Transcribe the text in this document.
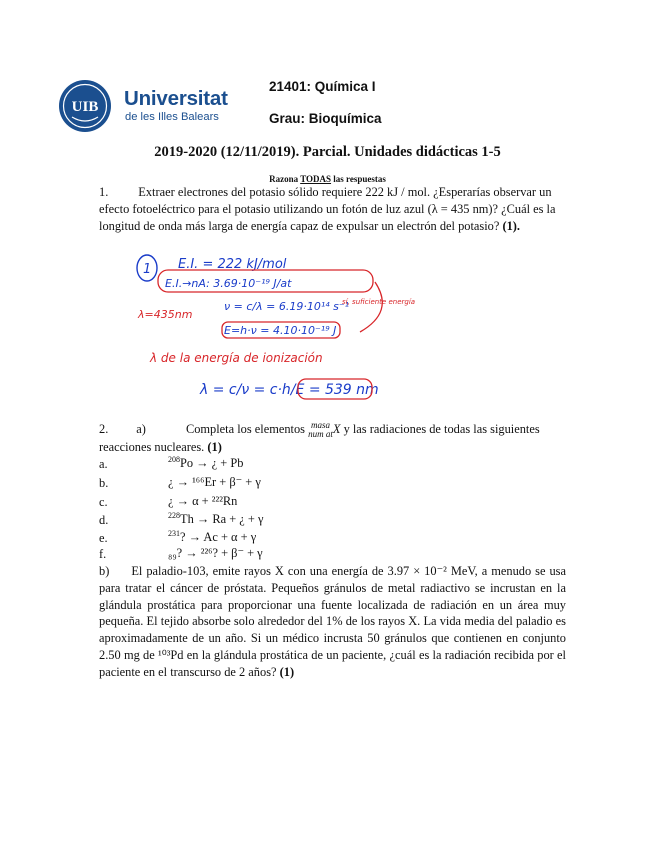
UIB Universitat
de les Illes Balears
21401: Química I
Grau: Bioquímica
2019-2020 (12/11/2019). Parcial. Unidades didácticas 1-5
Razona TODAS las respuestas
1. Extraer electrones del potasio sólido requiere 222 kJ / mol. ¿Esperarías observar un efecto fotoeléctrico para el potasio utilizando un fotón de luz azul (λ = 435 nm)? ¿Cuál es la longitud de onda más larga de energía capaz de expulsar un electrón del potasio? (1).
1 E.I. = 222 kJ/mol
E.I.→nA: 3.69·10⁻¹⁹ J/at
λ=435nm
ν = c/λ = 6.19·10¹⁴ s⁻¹
E=h·ν = 4.10·10⁻¹⁹ J
sí, suficiente energía
λ de la energía de ionización
λ = c/ν = c·h/E = 539 nm
2. a)	Completa los elementos masa
num at X y las radiaciones de todas las siguientes reacciones nucleares. (1)
a.	$^{208}$Po → ¿ + Pb
b.	¿ → ¹⁶⁶Er + β⁻ + γ
c.	¿ → α + ²²²Rn
d.	$^{228}$Th → Ra + ¿ + γ
e.	$^{231}$? → Ac + α + γ
f.	₈₉? → ²²⁶? + β⁻ + γ
b) El paladio-103, emite rayos X con una energía de 3.97 × 10⁻² MeV, a menudo se usa para tratar el cáncer de próstata. Pequeños gránulos de metal radiactivo se incrustan en la glándula prostática para proporcionar una fuente localizada de radiación en un área muy pequeña. El tejido absorbe solo alrededor del 1% de los rayos X. La vida media del paladio es aproximadamente de un año. Si un médico incrusta 50 gránulos que contienen en conjunto 2.50 mg de ¹⁰³Pd en la glándula prostática de un paciente, ¿cuál es la radiación recibida por el paciente en el transcurso de 2 años? (1)
